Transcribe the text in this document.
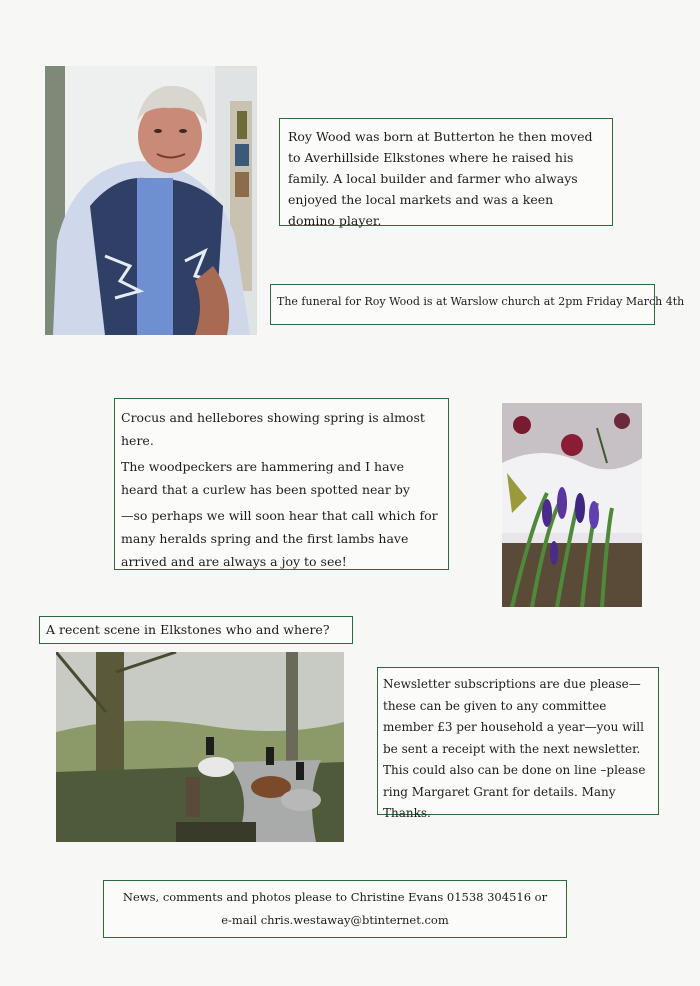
Roy Wood was born at Butterton he then moved to Averhillside Elkstones where he raised his family. A local builder and farmer who always enjoyed the local markets and was a keen domino player.

The funeral for Roy Wood is at Warslow church at 2pm Friday March 4th

Crocus and hellebores showing spring is almost here.

The woodpeckers are hammering and I have heard that a curlew has been spotted near by

—so perhaps we will soon hear that call which for many heralds spring and the first lambs have arrived and are always a joy to see!

A recent scene in Elkstones who and where?

Newsletter subscriptions are due please—these can be given to any committee member £3 per household a year—you will be sent a receipt with the next newsletter. This could also can be done on line –please ring Margaret Grant for details. Many Thanks.

News, comments and photos please to Christine Evans 01538 304516 or

e-mail chris.westaway@btinternet.com
